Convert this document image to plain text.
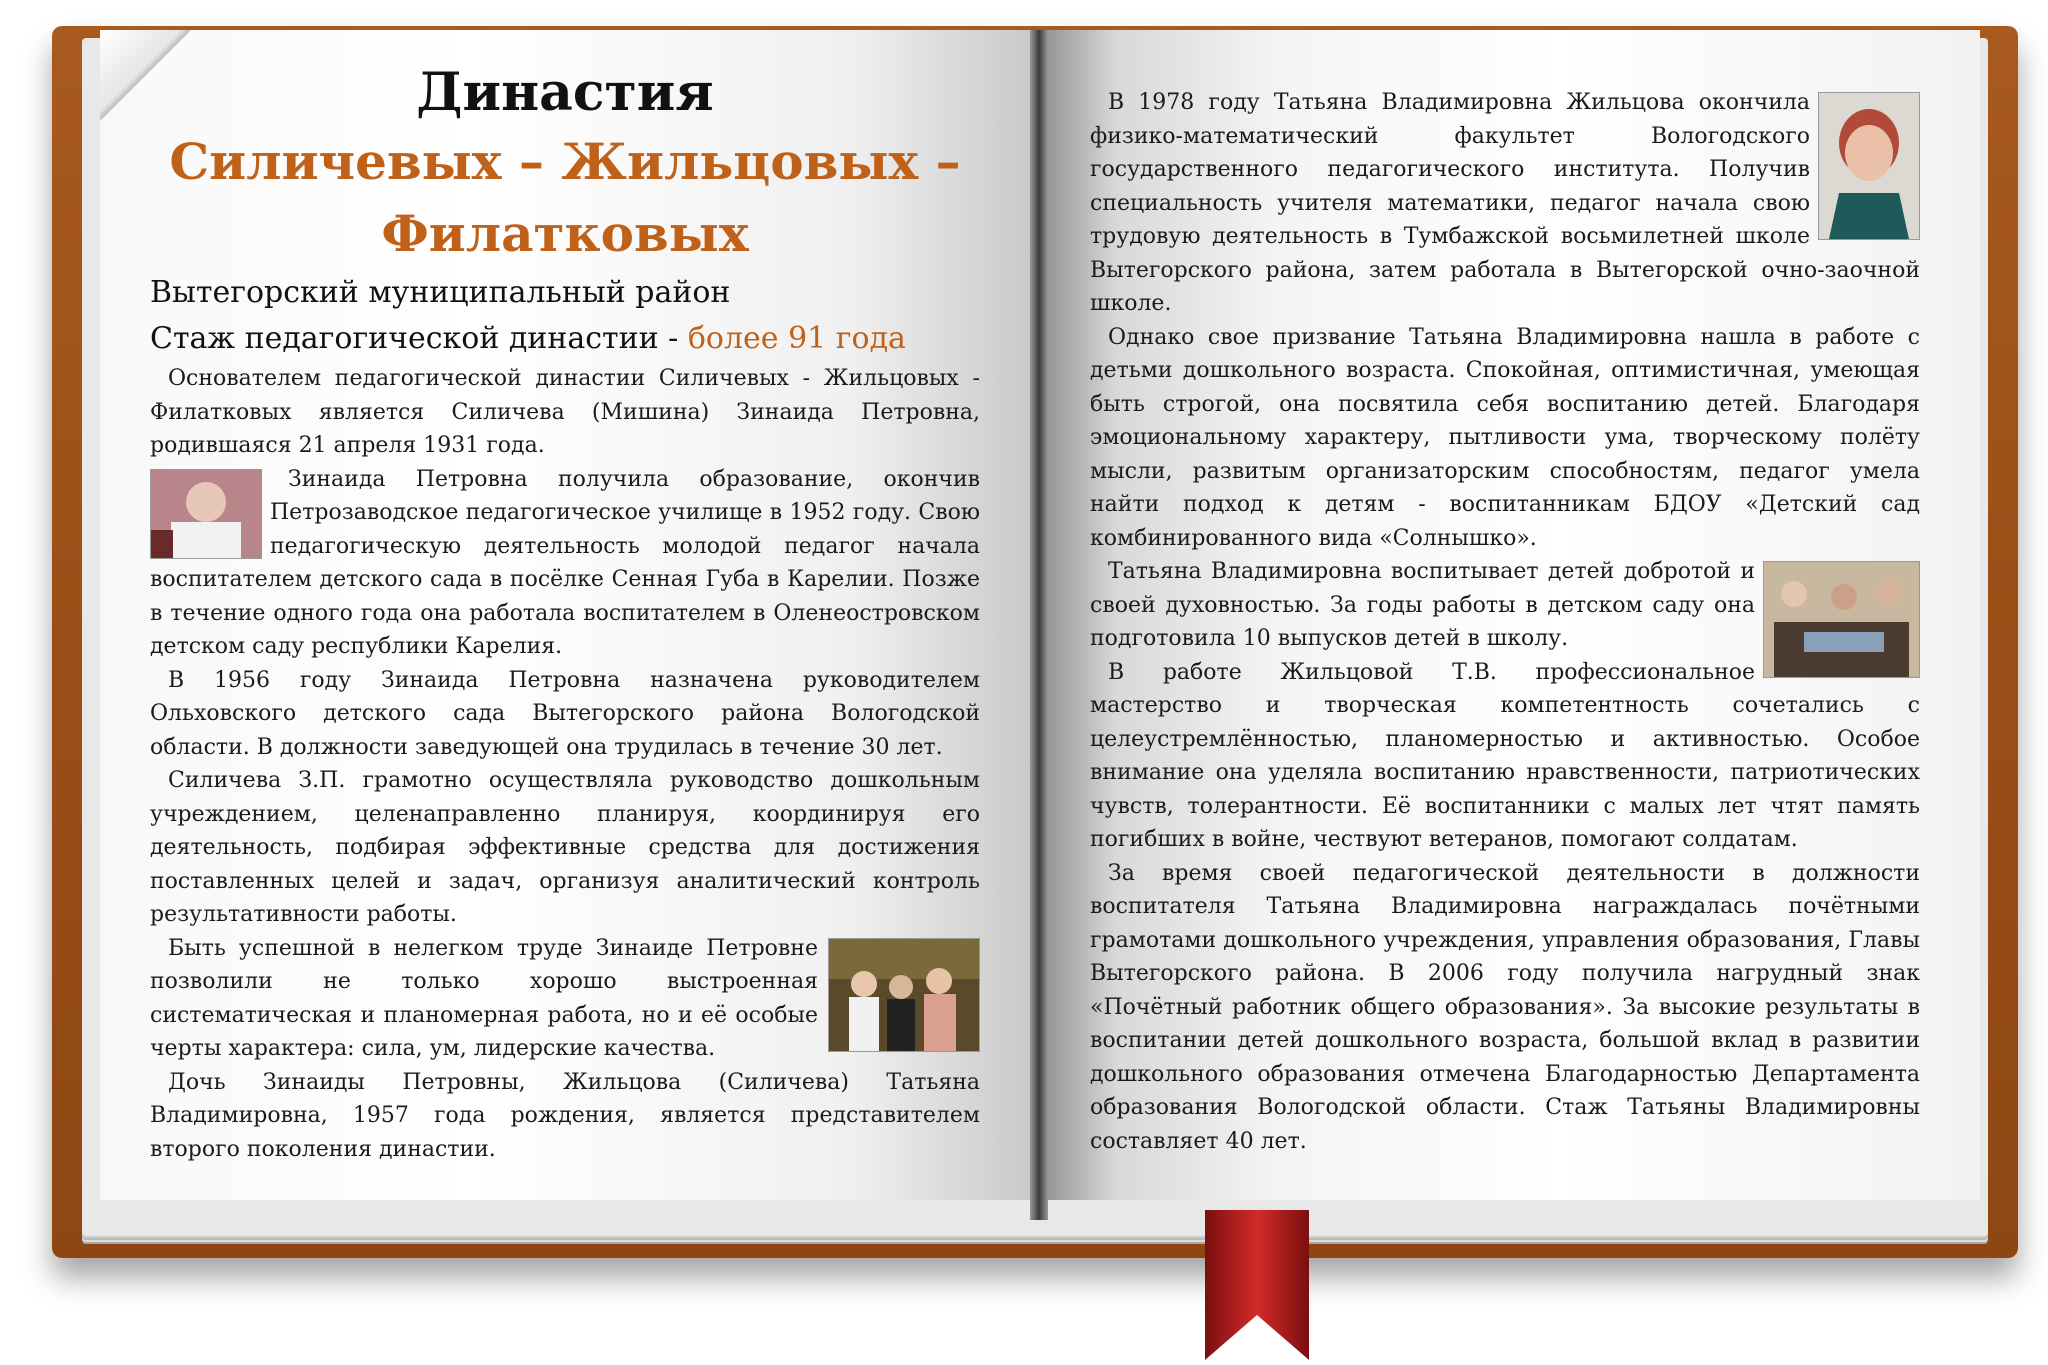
Династия
Силичевых – Жильцовых –
Филатковых
Вытегорский муниципальный район
Стаж педагогической династии - более 91 года

Основателем педагогической династии Силичевых - Жильцовых - Филатковых является Силичева (Мишина) Зинаида Петровна, родившаяся 21 апреля 1931 года.

Зинаида Петровна получила образование, окончив Петрозаводское педагогическое училище в 1952 году. Свою педагогическую деятельность молодой педагог начала воспитателем детского сада в посёлке Сенная Губа в Карелии. Позже в течение одного года она работала воспитателем в Оленеостровском детском саду республики Карелия.

В 1956 году Зинаида Петровна назначена руководителем Ольховского детского сада Вытегорского района Вологодской области. В должности заведующей она трудилась в течение 30 лет.

Силичева З.П. грамотно осуществляла руководство дошкольным учреждением, целенаправленно планируя, координируя его деятельность, подбирая эффективные средства для достижения поставленных целей и задач, организуя аналитический контроль результативности работы.

Быть успешной в нелегком труде Зинаиде Петровне позволили не только хорошо выстроенная систематическая и планомерная работа, но и её особые черты характера: сила, ум, лидерские качества.

Дочь Зинаиды Петровны, Жильцова (Силичева) Татьяна Владимировна, 1957 года рождения, является представителем второго поколения династии.

В 1978 году Татьяна Владимировна Жильцова окончила физико-математический факультет Вологодского государственного педагогического института. Получив специальность учителя математики, педагог начала свою трудовую деятельность в Тумбажской восьмилетней школе Вытегорского района, затем работала в Вытегорской очно-заочной школе.

Однако свое призвание Татьяна Владимировна нашла в работе с детьми дошкольного возраста. Спокойная, оптимистичная, умеющая быть строгой, она посвятила себя воспитанию детей. Благодаря эмоциональному характеру, пытливости ума, творческому полёту мысли, развитым организаторским способностям, педагог умела найти подход к детям - воспитанникам БДОУ «Детский сад комбинированного вида «Солнышко».

Татьяна Владимировна воспитывает детей добротой и своей духовностью. За годы работы в детском саду она подготовила 10 выпусков детей в школу.

В работе Жильцовой Т.В. профессиональное мастерство и творческая компетентность сочетались с целеустремлённостью, планомерностью и активностью. Особое внимание она уделяла воспитанию нравственности, патриотических чувств, толерантности. Её воспитанники с малых лет чтят память погибших в войне, чествуют ветеранов, помогают солдатам.

За время своей педагогической деятельности в должности воспитателя Татьяна Владимировна награждалась почётными грамотами дошкольного учреждения, управления образования, Главы Вытегорского района. В 2006 году получила нагрудный знак «Почётный работник общего образования». За высокие результаты в воспитании детей дошкольного возраста, большой вклад в развитии дошкольного образования отмечена Благодарностью Департамента образования Вологодской области. Стаж Татьяны Владимировны составляет 40 лет.
